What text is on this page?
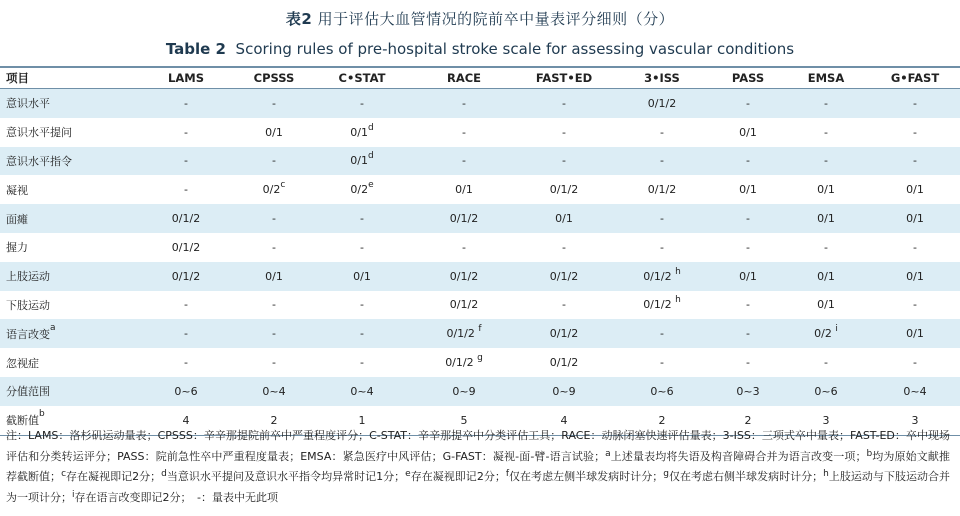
表2 用于评估大血管情况的院前卒中量表评分细则（分）
Table 2 Scoring rules of pre-hospital stroke scale for assessing vascular conditions
项目	LAMS	CPSSS	C•STAT	RACE	FAST•ED	3•ISS	PASS	EMSA	G•FAST
意识水平	-	-	-	-	-	0/1/2	-	-	-
意识水平提问	-	0/1	0/1$^d$	-	-	-	0/1	-	-
意识水平指令	-	-	0/1$^d$	-	-	-	-	-	-
凝视	-	0/2$^c$	0/2e	0/1	0/1/2	0/1/2	0/1	0/1	0/1
面瘫	0/1/2	-	-	0/1/2	0/1	-	-	0/1	0/1
握力	0/1/2	-	-	-	-	-	-	-	-
上肢运动	0/1/2	0/1	0/1	0/1/2	0/1/2	0/1/2 $^h$	0/1	0/1	0/1
下肢运动	-	-	-	0/1/2	-	0/1/2 $^h$	-	0/1	-
语言改变$^a$	-	-	-	0/1/2 $^f$	0/1/2	-	-	0/2 $^i$	0/1
忽视症	-	-	-	0/1/2 $^g$	0/1/2	-	-	-	-
分值范围	0~6	0~4	0~4	0~9	0~9	0~6	0~3	0~6	0~4
截断值$^b$	4	2	1	5	4	2	2	3	3
注：LAMS：洛杉矶运动量表；CPSSS：辛辛那提院前卒中严重程度评分；C-STAT：辛辛那提卒中分类评估工具；RACE：动脉闭塞快速评估量表；3-ISS：三项式卒中量表；FAST-ED：卒中现场评估和分类转运评分；PASS：院前急性卒中严重程度量表；EMSA：紧急医疗中风评估；G-FAST：凝视-面-臂-语言试验；$^a$上述量表均将失语及构音障碍合并为语言改变一项；$^b$均为原始文献推荐截断值；$^c$存在凝视即记2分；$^d$当意识水平提问及意识水平指令均异常时记1分；$^e$存在凝视即记2分；$^f$仅在考虑左侧半球发病时计分；$^g$仅在考虑右侧半球发病时计分；$^h$上肢运动与下肢运动合并为一项计分；$^i$存在语言改变即记2分；　-：量表中无此项
